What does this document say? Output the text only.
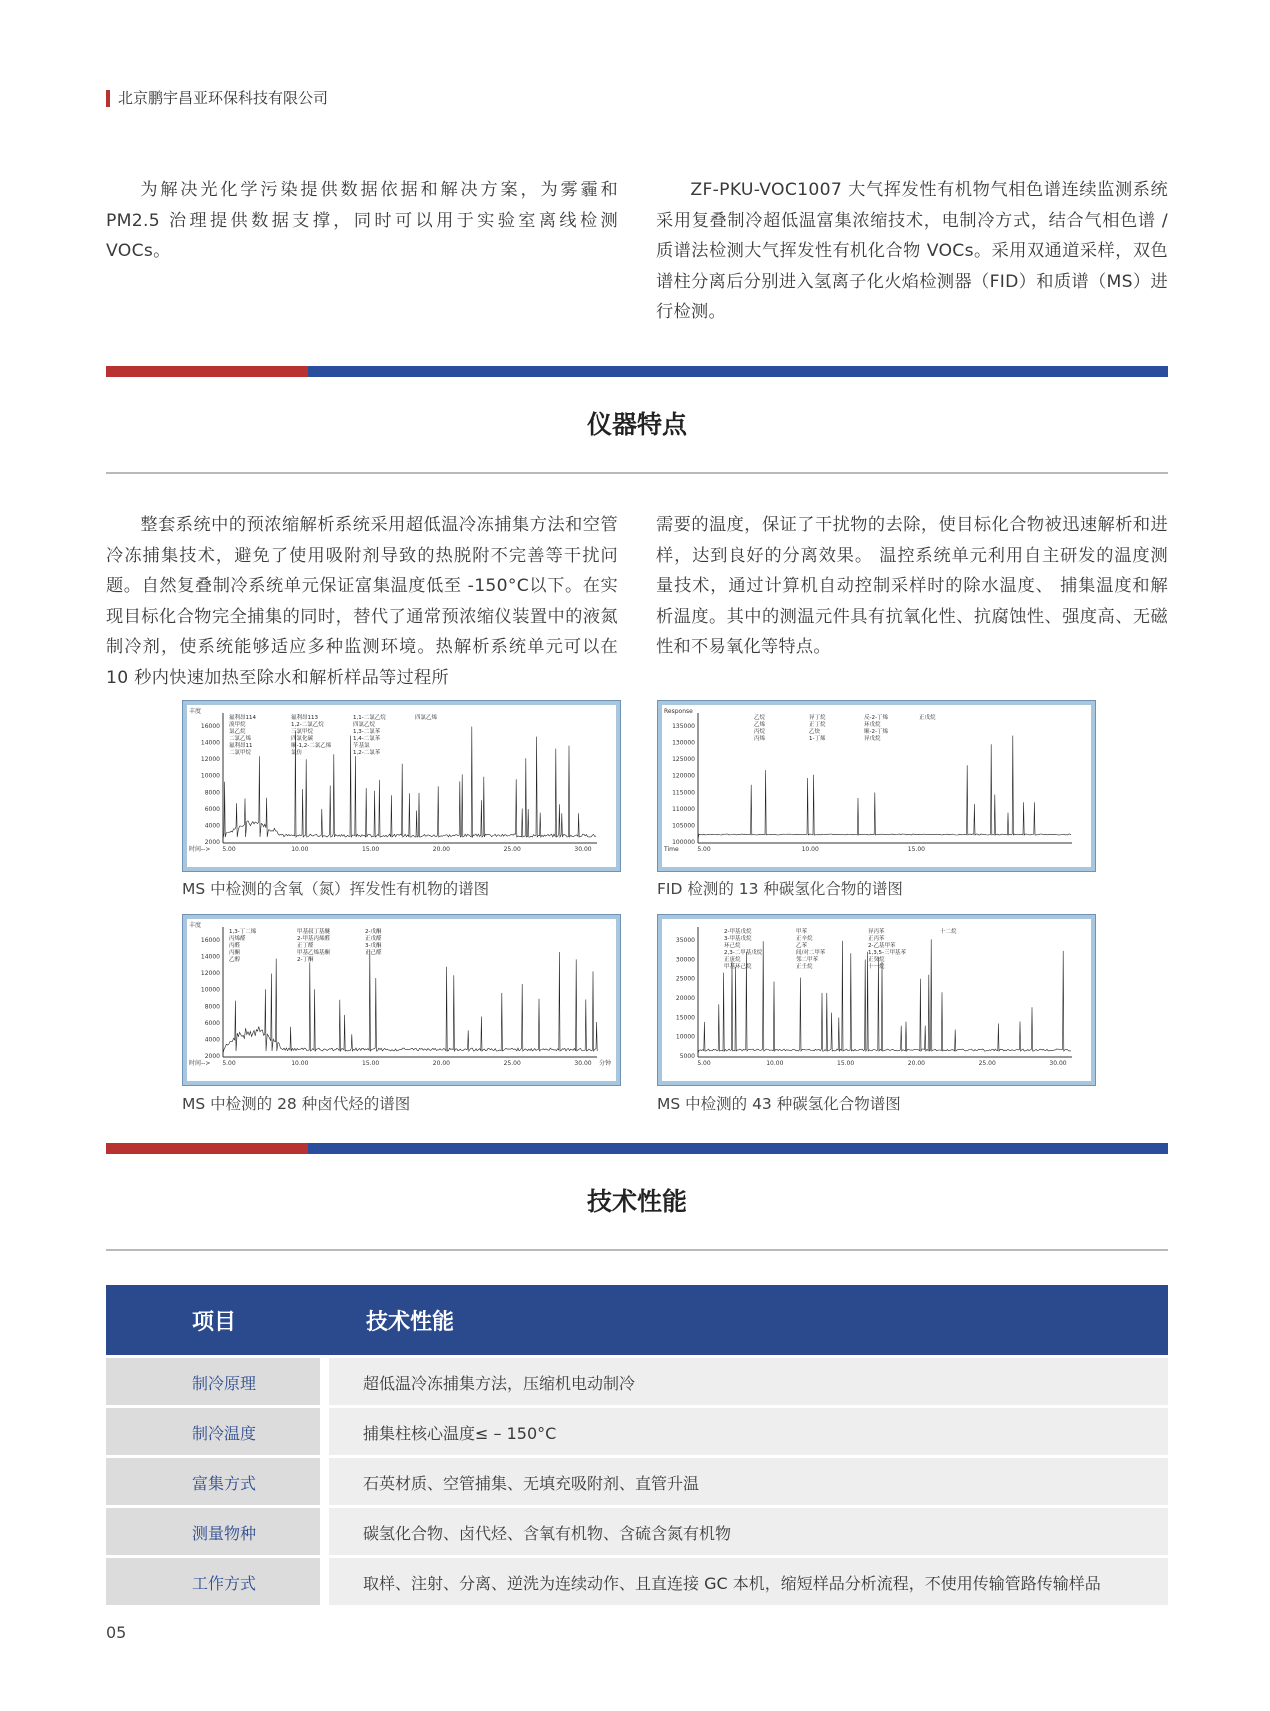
北京鹏宇昌亚环保科技有限公司
为解决光化学污染提供数据依据和解决方案，为雾霾和 PM2.5 治理提供数据支撑，同时可以用于实验室离线检测 VOCs。
ZF-PKU-VOC1007 大气挥发性有机物气相色谱连续监测系统采用复叠制冷超低温富集浓缩技术，电制冷方式，结合气相色谱 / 质谱法检测大气挥发性有机化合物 VOCs。采用双通道采样，双色谱柱分离后分别进入氢离子化火焰检测器（FID）和质谱（MS）进行检测。
仪器特点
整套系统中的预浓缩解析系统采用超低温冷冻捕集方法和空管冷冻捕集技术，避免了使用吸附剂导致的热脱附不完善等干扰问题。自然复叠制冷系统单元保证富集温度低至 -150°C以下。在实现目标化合物完全捕集的同时，替代了通常预浓缩仪装置中的液氮制冷剂，使系统能够适应多种监测环境。热解析系统单元可以在 10 秒内快速加热至除水和解析样品等过程所
需要的温度，保证了干扰物的去除，使目标化合物被迅速解析和进样，达到良好的分离效果。 温控系统单元利用自主研发的温度测量技术，通过计算机自动控制采样时的除水温度、 捕集温度和解析温度。其中的测温元件具有抗氧化性、抗腐蚀性、强度高、无磁性和不易氧化等特点。
16000
14000
12000
10000
8000
6000
4000
2000
丰度
时间--> 5.00	10.00	15.00	20.00	25.00	30.00
氟利昂114
溴甲烷
氯乙烷
二氯乙烯
氟利昂11
二氯甲烷
氟利昂113
1,2-二氯乙烷
三氯甲烷
四氯化碳
顺-1,2-二氯乙烯
氯仿
1,1-二氯乙烷
四氯乙烷
1,3-二氯苯
1,4-二氯苯
苄基氯
1,2-二氯苯
四氯乙烯
MS 中检测的含氧（氮）挥发性有机物的谱图
135000
130000
125000
120000
115000
110000
105000
100000
Response
Time	5.00	10.00	15.00
乙烷
乙烯
丙烷
丙烯
异丁烷
正丁烷
乙炔
1-丁烯
反-2-丁烯
环戊烷
顺-2-丁烯
异戊烷
正戊烷
FID 检测的 13 种碳氢化合物的谱图
16000
14000
12000
10000
8000
6000
4000
2000
丰度
时间--> 5.00	10.00	15.00	20.00	25.00	30.00 分钟
1,3-丁二烯
丙烯醛
丙醛
丙酮
乙醇
甲基叔丁基醚
2-甲基丙烯醛
正丁醛
甲基乙烯基酮
2-丁酮
2-戊酮
正戊醛
3-戊酮
正己醛
MS 中检测的 28 种卤代烃的谱图
35000
30000
25000
20000
15000
10000
5000
5.00	10.00	15.00	20.00	25.00	30.00
2-甲基戊烷
3-甲基戊烷
环己烷
2,3-二甲基戊烷
正庚烷
甲基环己烷
甲苯
正辛烷
乙苯
间/对二甲苯
邻二甲苯
正壬烷
异丙苯
正丙苯
2-乙基甲苯
1,3,5-三甲基苯
正癸烷
十一烷
十二烷
MS 中检测的 43 种碳氢化合物谱图
技术性能
项目	技术性能
制冷原理	超低温冷冻捕集方法，压缩机电动制冷
制冷温度	捕集柱核心温度≤ – 150°C
富集方式	石英材质、空管捕集、无填充吸附剂、直管升温
测量物种	碳氢化合物、卤代烃、含氧有机物、含硫含氮有机物
工作方式	取样、注射、分离、逆洗为连续动作、且直连接 GC 本机，缩短样品分析流程，不使用传输管路传输样品
05
